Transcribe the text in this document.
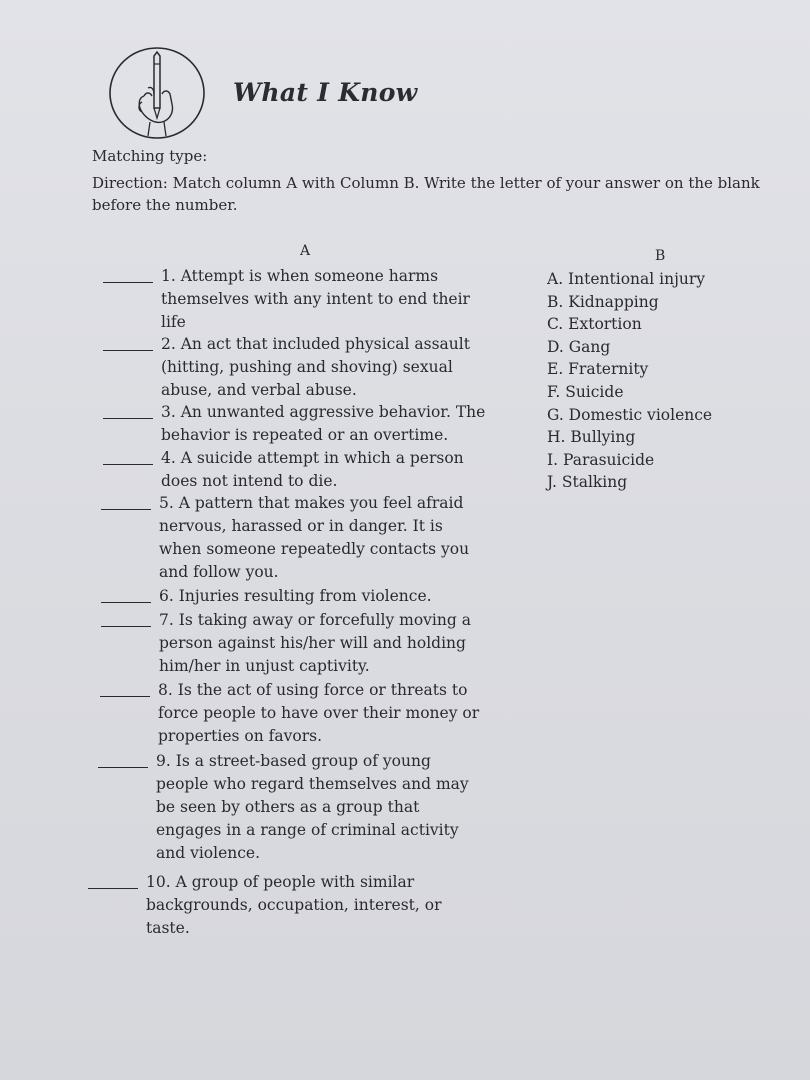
What I Know
Matching type:
Direction: Match column A with Column B. Write the letter of your answer on the blank before the number.
A	B
1. Attempt is when someone harms
themselves with any intent to end their
life
2. An act that included physical assault
(hitting, pushing and shoving) sexual
abuse, and verbal abuse.
3. An unwanted aggressive behavior. The
behavior is repeated or an overtime.
4. A suicide attempt in which a person
does not intend to die.
5. A pattern that makes you feel afraid
nervous, harassed or in danger. It is
when someone repeatedly contacts you
and follow you.
6. Injuries resulting from violence.
7. Is taking away or forcefully moving a
person against his/her will and holding
him/her in unjust captivity.
8. Is the act of using force or threats to
force people to have over their money or
properties on favors.
9. Is a street-based group of young
people who regard themselves and may
be seen by others as a group that
engages in a range of criminal activity
and violence.
10. A group of people with similar
backgrounds, occupation, interest, or
taste.
A. Intentional injury
B. Kidnapping
C. Extortion
D. Gang
E. Fraternity
F. Suicide
G. Domestic violence
H. Bullying
I. Parasuicide
J. Stalking
